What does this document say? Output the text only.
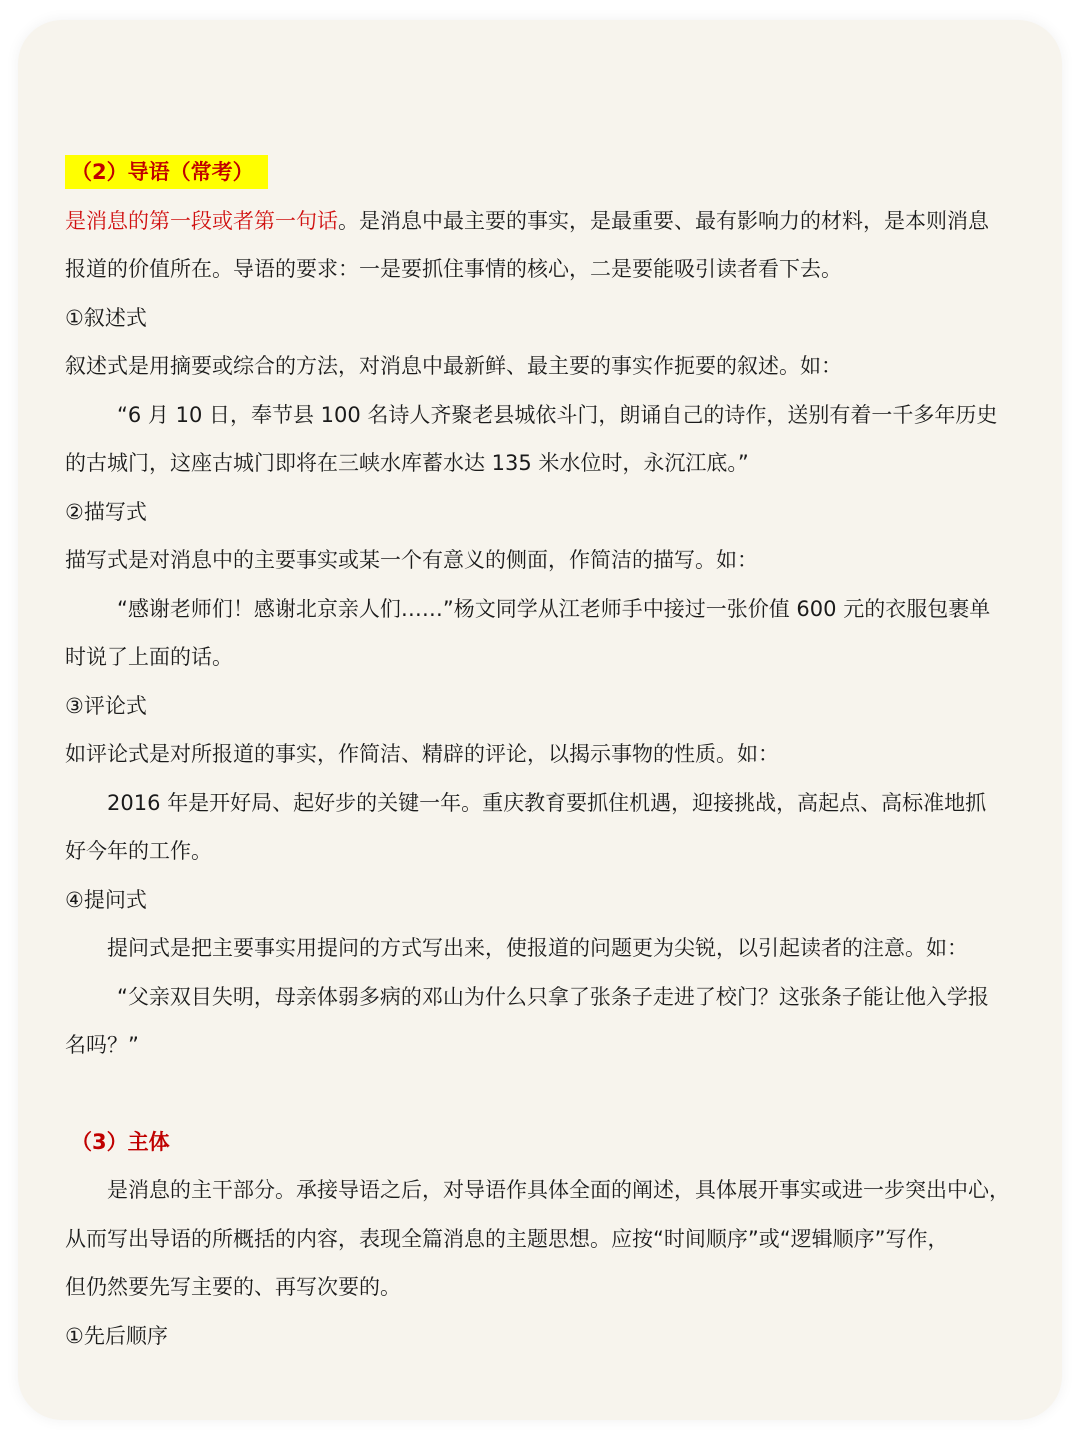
（2）导语（常考）
是消息的第一段或者第一句话。是消息中最主要的事实，是最重要、最有影响力的材料，是本则消息
报道的价值所在。导语的要求：一是要抓住事情的核心，二是要能吸引读者看下去。
①叙述式
叙述式是用摘要或综合的方法，对消息中最新鲜、最主要的事实作扼要的叙述。如：
“6 月 10 日，奉节县 100 名诗人齐聚老县城依斗门，朗诵自己的诗作，送别有着一千多年历史
的古城门，这座古城门即将在三峡水库蓄水达 135 米水位时，永沉江底。”
②描写式
描写式是对消息中的主要事实或某一个有意义的侧面，作简洁的描写。如：
“感谢老师们！感谢北京亲人们……”杨文同学从江老师手中接过一张价值 600 元的衣服包裹单
时说了上面的话。
③评论式
如评论式是对所报道的事实，作简洁、精辟的评论，以揭示事物的性质。如：
2016 年是开好局、起好步的关键一年。重庆教育要抓住机遇，迎接挑战，高起点、高标准地抓
好今年的工作。
④提问式
提问式是把主要事实用提问的方式写出来，使报道的问题更为尖锐，以引起读者的注意。如：
“父亲双目失明，母亲体弱多病的邓山为什么只拿了张条子走进了校门？这张条子能让他入学报
名吗？”
（3）主体
是消息的主干部分。承接导语之后，对导语作具体全面的阐述，具体展开事实或进一步突出中心，
从而写出导语的所概括的内容，表现全篇消息的主题思想。应按“时间顺序”或“逻辑顺序”写作，
但仍然要先写主要的、再写次要的。
①先后顺序
